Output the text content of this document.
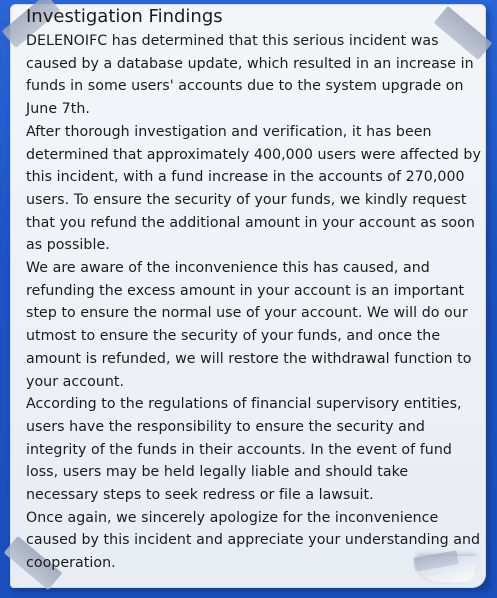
Investigation Findings

DELENOIFC has determined that this serious incident was caused by a database update, which resulted in an increase in funds in some users' accounts due to the system upgrade on June 7th.

After thorough investigation and verification, it has been determined that approximately 400,000 users were affected by this incident, with a fund increase in the accounts of 270,000 users. To ensure the security of your funds, we kindly request that you refund the additional amount in your account as soon as possible.

We are aware of the inconvenience this has caused, and refunding the excess amount in your account is an important step to ensure the normal use of your account. We will do our utmost to ensure the security of your funds, and once the amount is refunded, we will restore the withdrawal function to your account.

According to the regulations of financial supervisory entities, users have the responsibility to ensure the security and integrity of the funds in their accounts. In the event of fund loss, users may be held legally liable and should take necessary steps to seek redress or file a lawsuit.

Once again, we sincerely apologize for the inconvenience caused by this incident and appreciate your understanding and cooperation.
